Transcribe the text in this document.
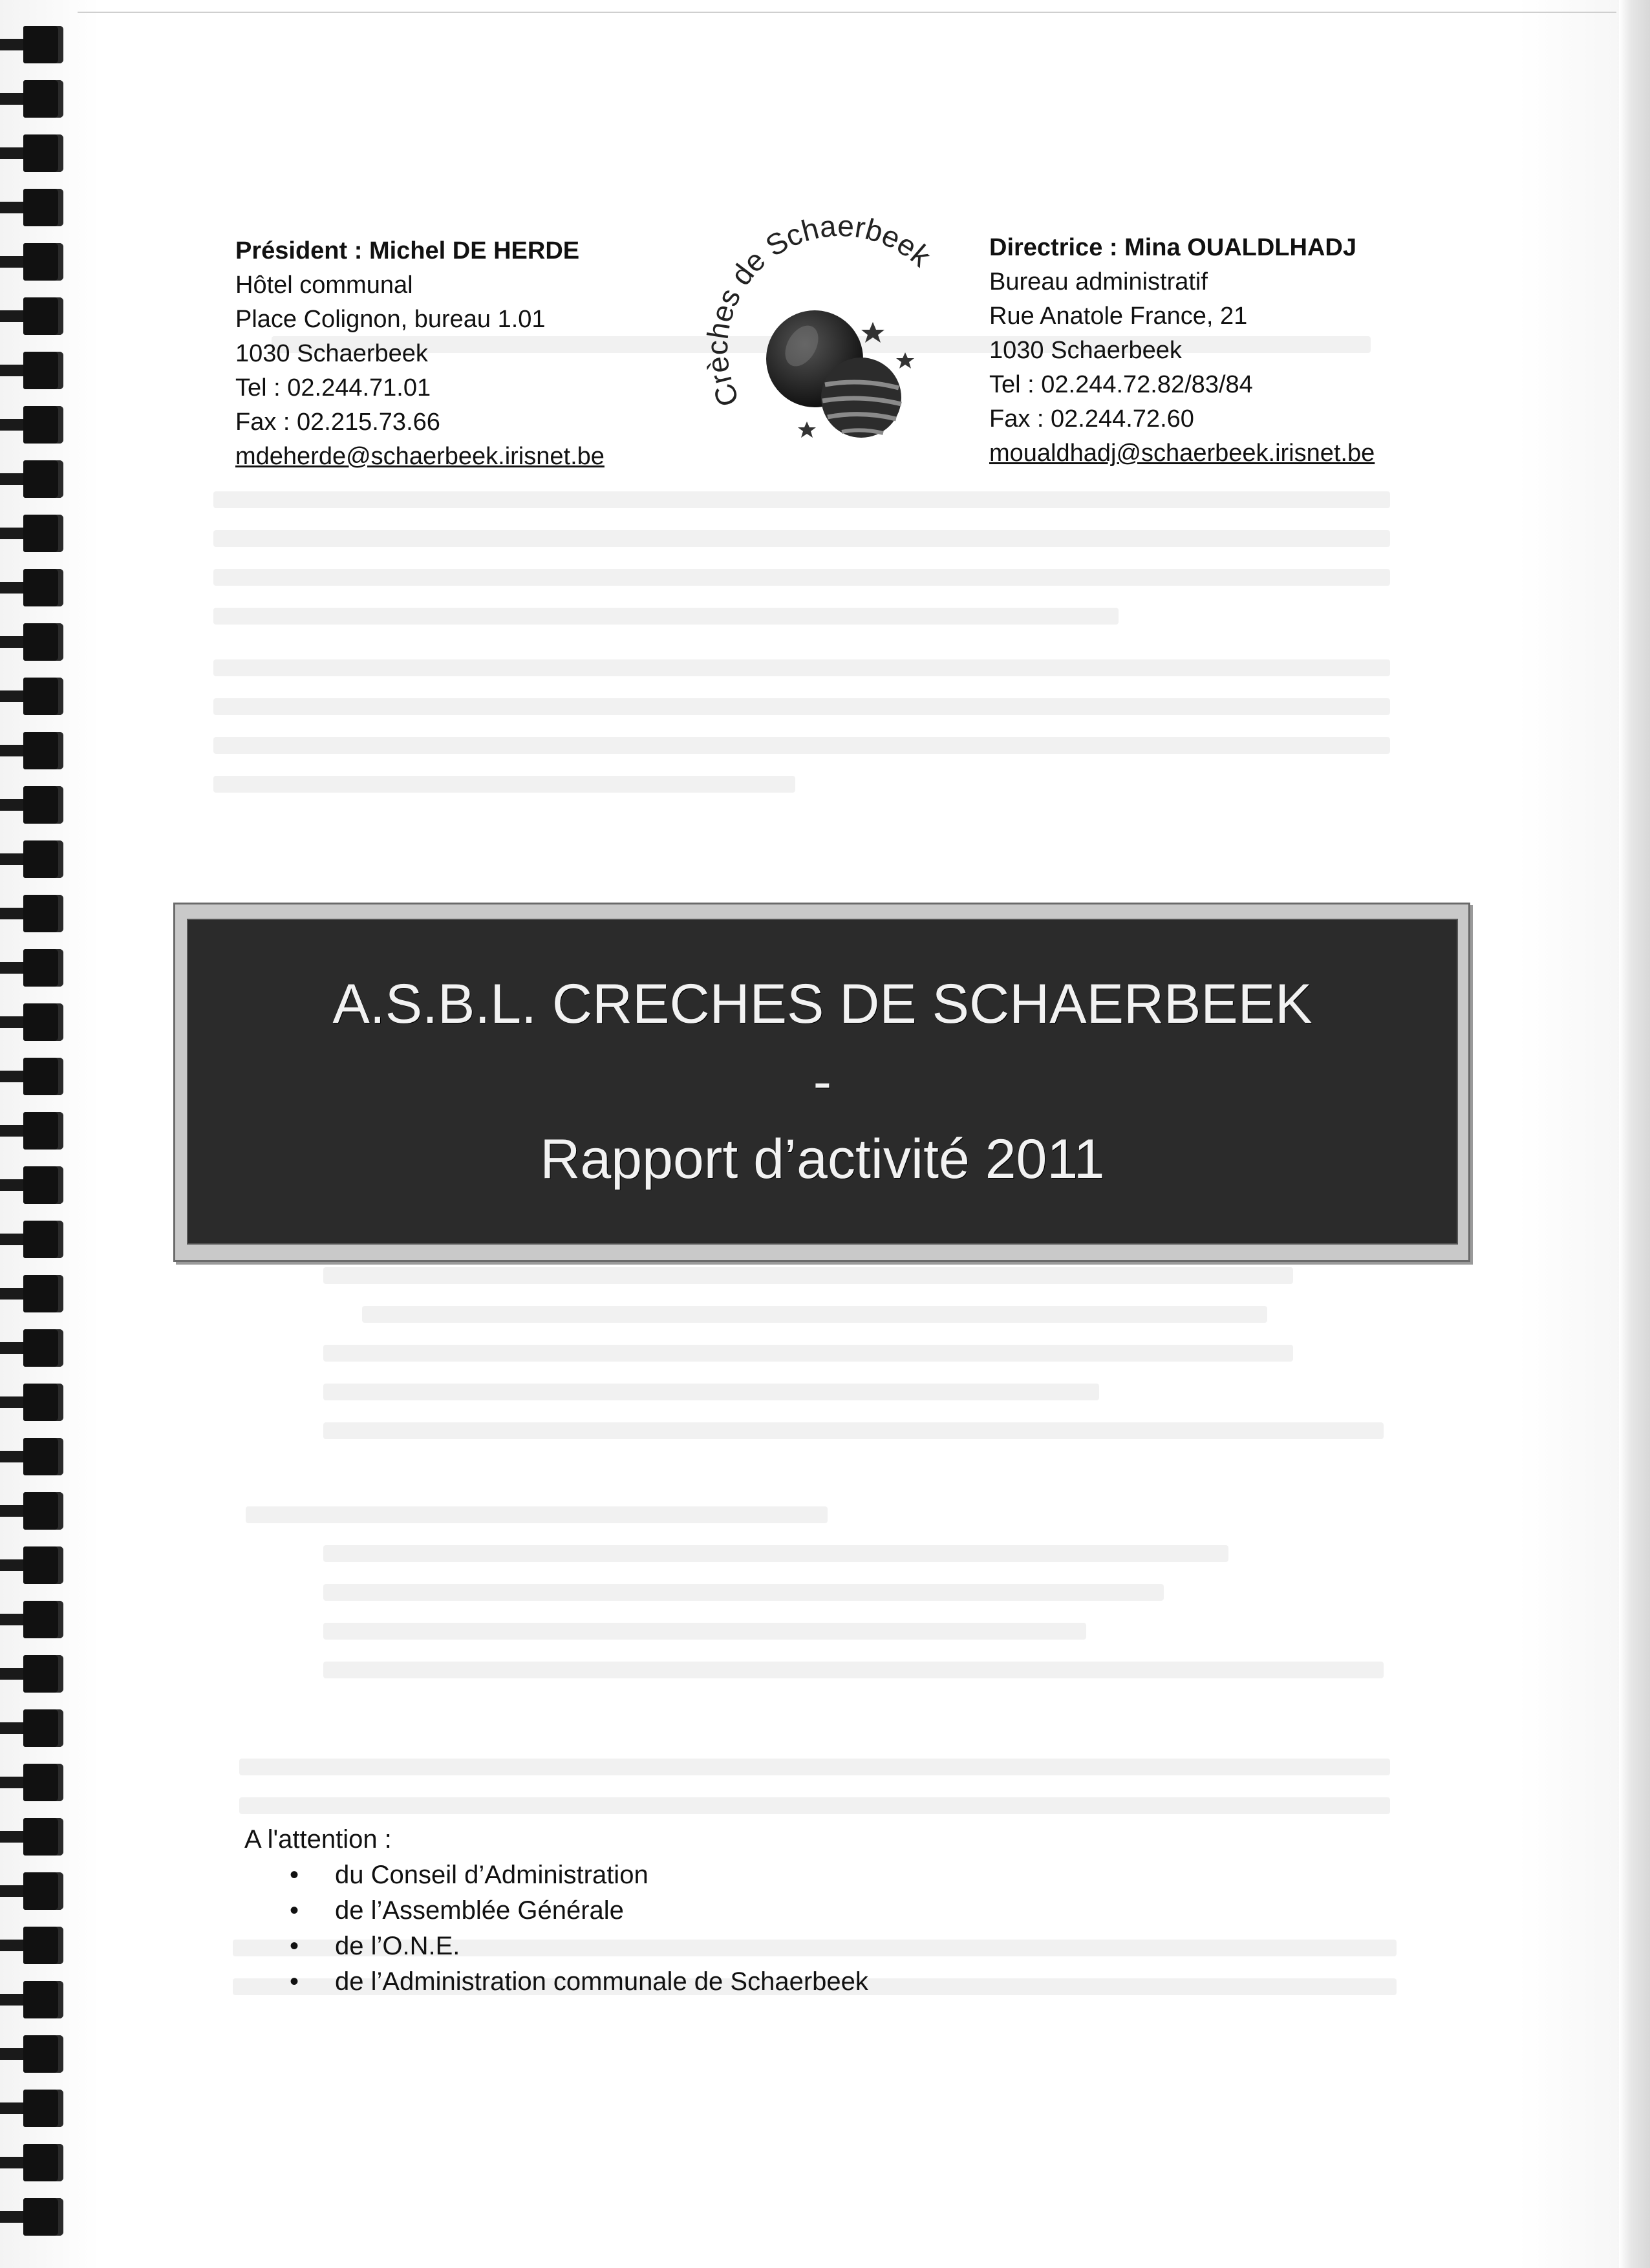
Président : Michel DE HERDE
Hôtel communal
Place Colignon, bureau 1.01
1030 Schaerbeek
Tel : 02.244.71.01
Fax : 02.215.73.66
mdeherde@schaerbeek.irisnet.be
Crèches de Schaerbeek Directrice : Mina OUALDLHADJ
Bureau administratif
Rue Anatole France, 21
1030 Schaerbeek
Tel : 02.244.72.82/83/84
Fax : 02.244.72.60
moualdhadj@schaerbeek.irisnet.be
A.S.B.L. CRECHES DE SCHAERBEEK
-
Rapport d’activité 2011
A l'attention :
• du Conseil d’Administration
• de l’Assemblée Générale
• de l’O.N.E.
• de l’Administration communale de Schaerbeek
